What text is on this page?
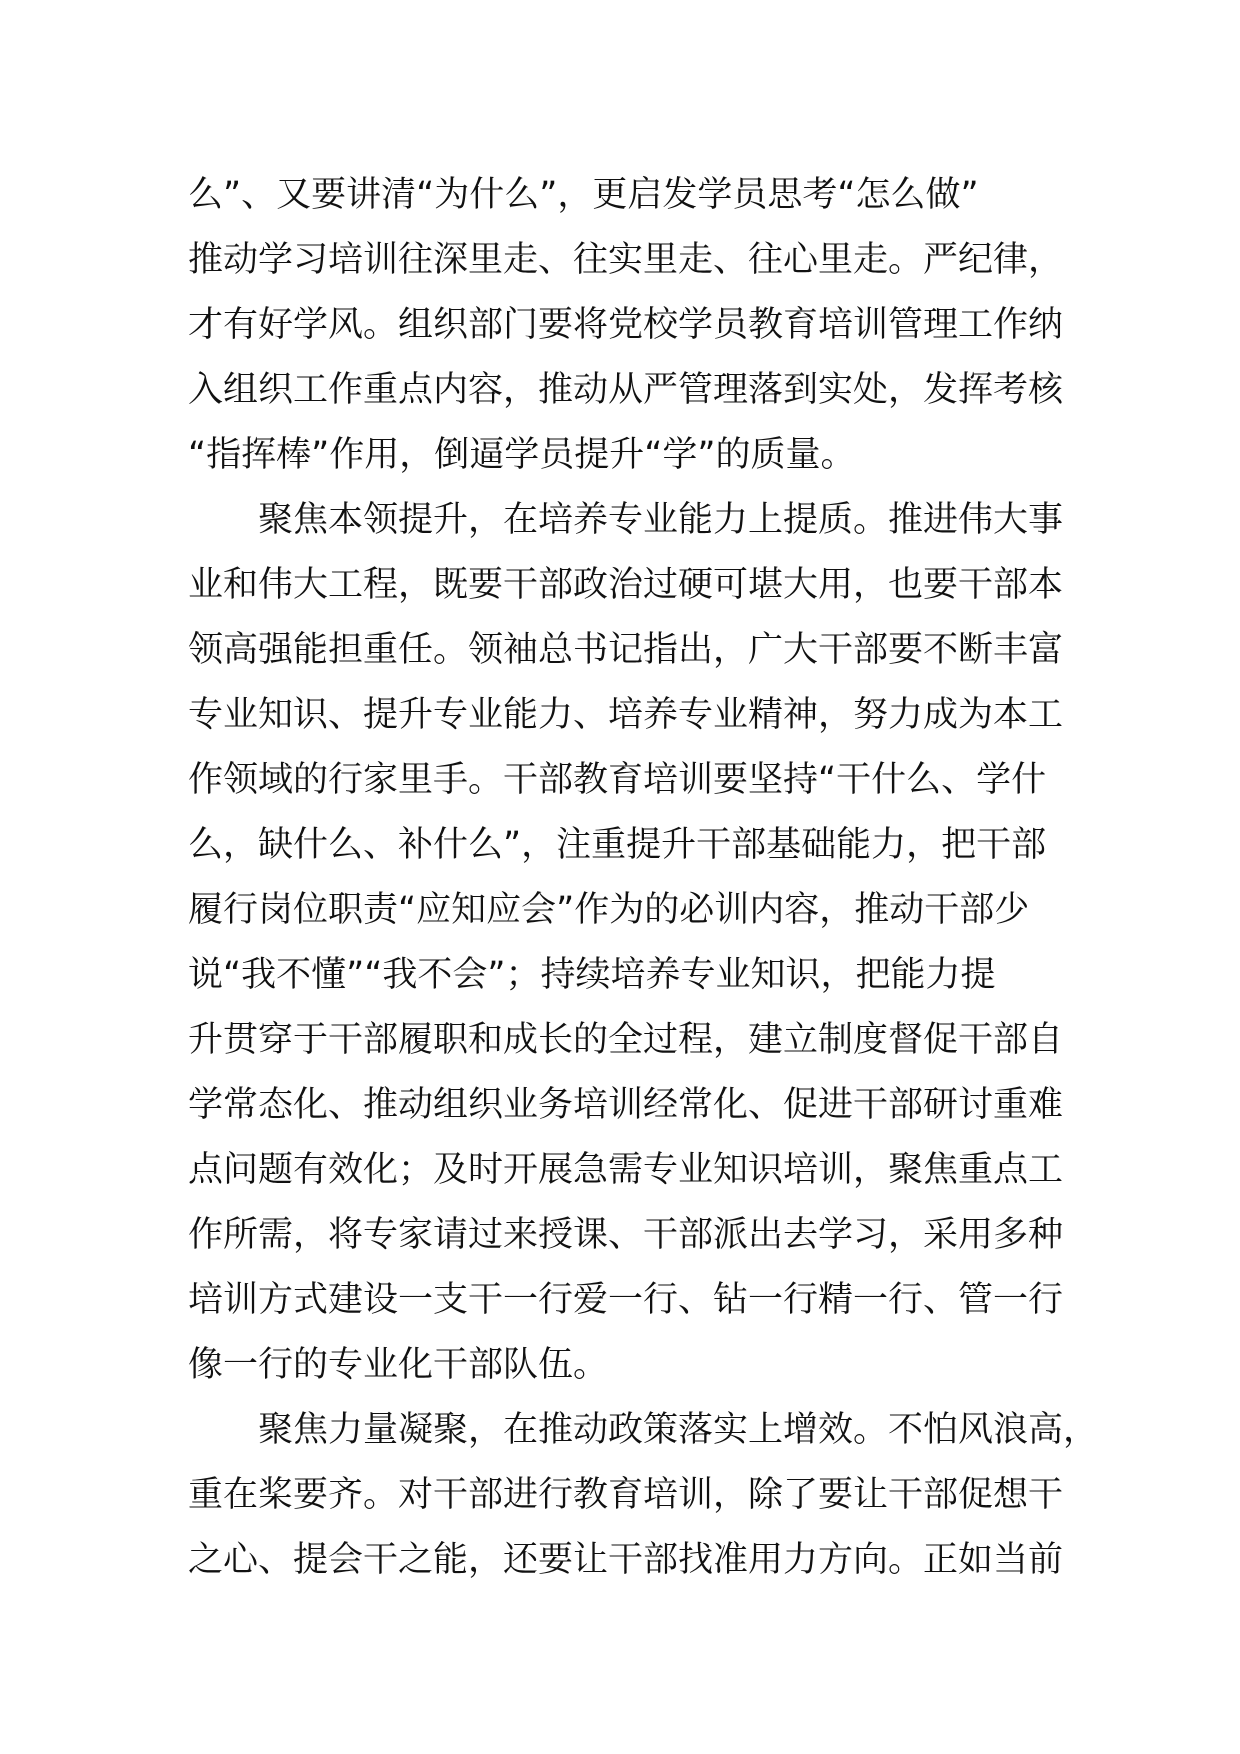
么”、又要讲清“为什么”，更启发学员思考“怎么做”
推动学习培训往深里走、往实里走、往心里走。严纪律，
才有好学风。组织部门要将党校学员教育培训管理工作纳
入组织工作重点内容，推动从严管理落到实处，发挥考核
“指挥棒”作用，倒逼学员提升“学”的质量。
聚焦本领提升，在培养专业能力上提质。推进伟大事
业和伟大工程，既要干部政治过硬可堪大用，也要干部本
领高强能担重任。领袖总书记指出，广大干部要不断丰富
专业知识、提升专业能力、培养专业精神，努力成为本工
作领域的行家里手。干部教育培训要坚持“干什么、学什
么，缺什么、补什么”，注重提升干部基础能力，把干部
履行岗位职责“应知应会”作为的必训内容，推动干部少
说“我不懂”“我不会”；持续培养专业知识，把能力提
升贯穿于干部履职和成长的全过程，建立制度督促干部自
学常态化、推动组织业务培训经常化、促进干部研讨重难
点问题有效化；及时开展急需专业知识培训，聚焦重点工
作所需，将专家请过来授课、干部派出去学习，采用多种
培训方式建设一支干一行爱一行、钻一行精一行、管一行
像一行的专业化干部队伍。
聚焦力量凝聚，在推动政策落实上增效。不怕风浪高，
重在桨要齐。对干部进行教育培训，除了要让干部促想干
之心、提会干之能，还要让干部找准用力方向。正如当前
